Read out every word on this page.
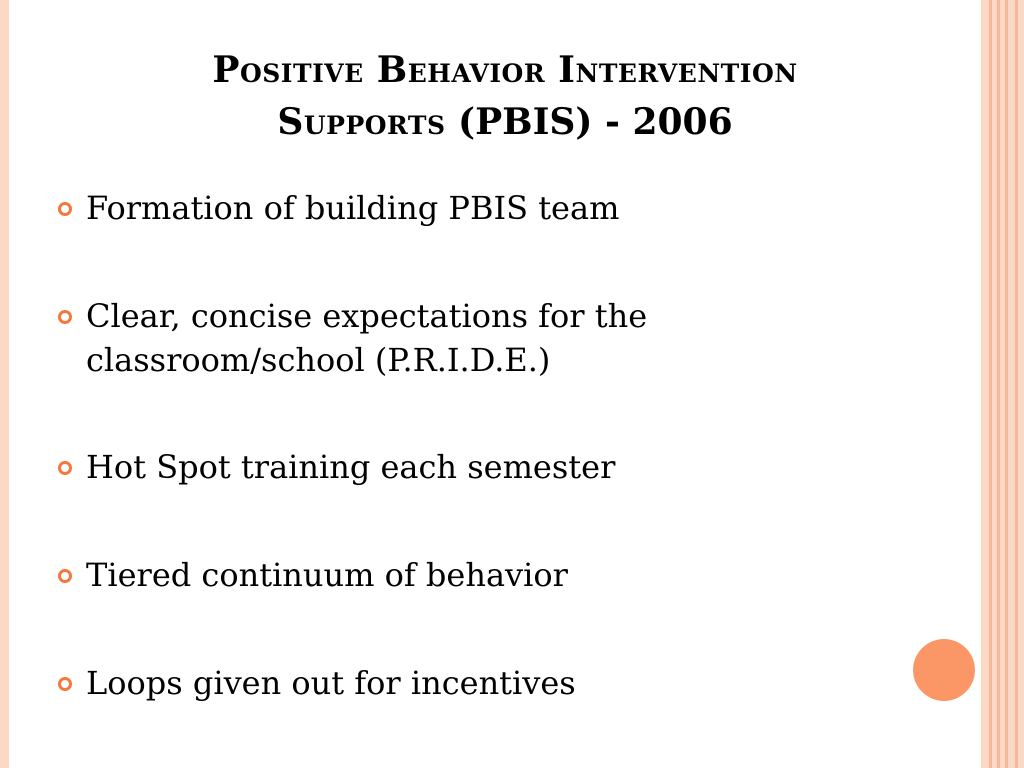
Positive Behavior Intervention
Supports (PBIS) - 2006
Formation of building PBIS team
Clear, concise expectations for the classroom/school (P.R.I.D.E.)
Hot Spot training each semester
Tiered continuum of behavior
Loops given out for incentives
